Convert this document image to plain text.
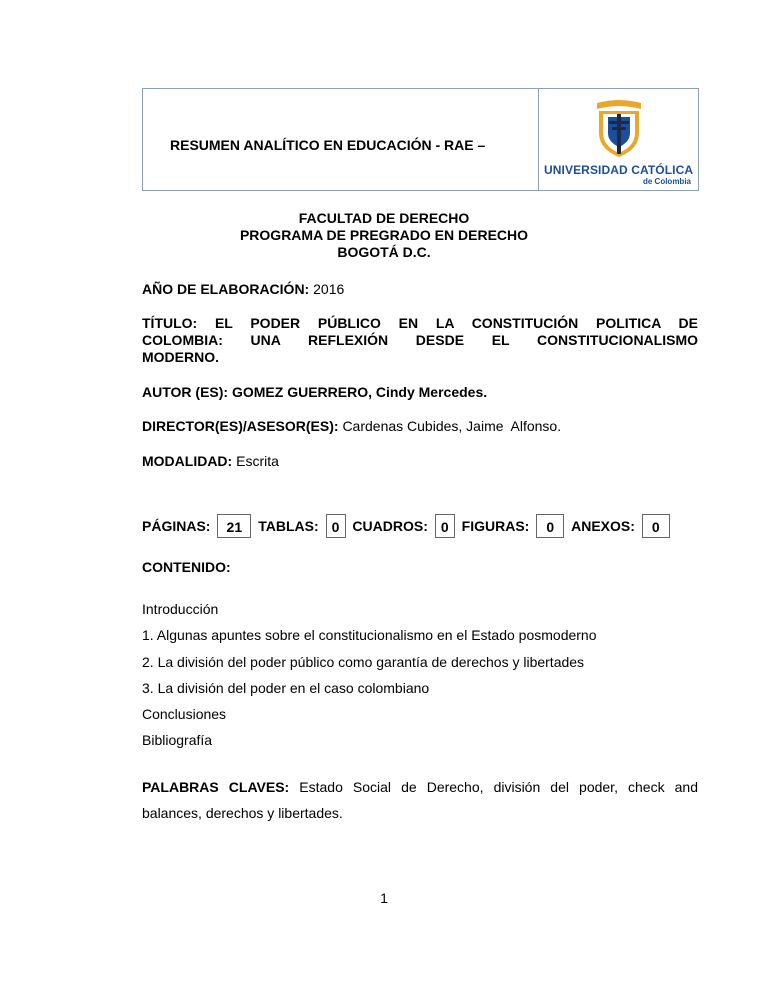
RESUMEN ANALÍTICO EN EDUCACIÓN - RAE –
UNIVERSIDAD CATÓLICA
de Colombia
FACULTAD DE DERECHO
PROGRAMA DE PREGRADO EN DERECHO
BOGOTÁ D.C.
AÑO DE ELABORACIÓN: 2016
TÍTULO: EL PODER PÚBLICO EN LA CONSTITUCIÓN POLITICA DE
COLOMBIA: UNA REFLEXIÓN DESDE EL CONSTITUCIONALISMO
MODERNO.
AUTOR (ES): GOMEZ GUERRERO, Cindy Mercedes.
DIRECTOR(ES)/ASESOR(ES): Cardenas Cubides, Jaime  Alfonso.
MODALIDAD: Escrita
PÁGINAS: 21 TABLAS: 0 CUADROS: 0 FIGURAS: 0 ANEXOS: 0
CONTENIDO:
Introducción
1. Algunas apuntes sobre el constitucionalismo en el Estado posmoderno
2. La división del poder público como garantía de derechos y libertades
3. La división del poder en el caso colombiano
Conclusiones
Bibliografía
PALABRAS CLAVES: Estado Social de Derecho, división del poder, check and
balances, derechos y libertades.
1
